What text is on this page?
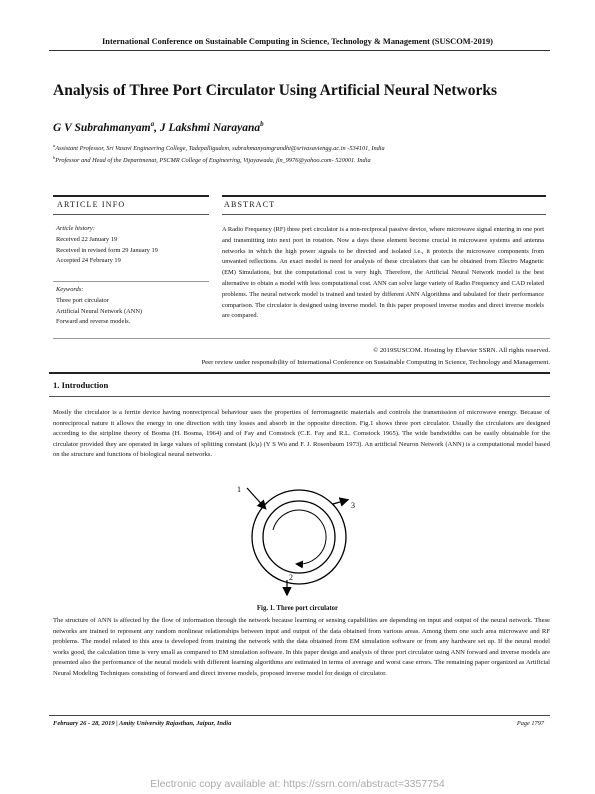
International Conference on Sustainable Computing in Science, Technology & Management (SUSCOM-2019)
Analysis of Three Port Circulator Using Artificial Neural Networks
G V Subrahmanyam$^a$, J Lakshmi Narayana$^b$
$^a$Assistant Professor, Sri Vasavi Engineering College, Tadepalligudem, subrahmanyamgrandhi@srivasaviengg.ac.in -534101, India
$^b$Professor and Head of the Departmenat, PSCMR College of Engineering, Vijayawada, jln_9976@yahoo.com- 520001. India
ARTICLE INFO	ABSTRACT
Article history:
Received 22 January 19
Received in revised form 29 January 19
Accepted 24 February 19
Keywords:
Three port circulator
Artificial Neural Network (ANN)
Forward and reverse models.
A Radio Frequency (RF) three port circulator is a non-reciprocal passive device, where microwave signal entering in one port and transmitting into next port in rotation. Now a days these element become crucial in microwave systems and antenna networks in which the high power signals to be directed and isolated i.e., it protects the microwave components from unwanted reflections. An exact model is need for analysis of these circulators that can be obtained from Electro Magnetic (EM) Simulations, but the computational cost is very high. Therefore, the Artificial Neural Network model is the best alternative to obtain a model with less computational cost. ANN can solve large variety of Radio Frequency and CAD related problems. The neural network model is trained and tested by different ANN Algorithms and tabulated for their performance comparison. The circulator is designed using inverse model. In this paper proposed inverse modes and direct inverse models are compared.
© 2019SUSCOM. Hosting by Elsevier SSRN. All rights reserved.
Peer review under responsibility of International Conference on Sustainable Computing in Science, Technology and Management.
1. Introduction
Mostly the circulator is a ferrite device having nonreciprocal behaviour uses the properties of ferromagnetic materials and controls the transmission of microwave energy. Because of nonreciprocal nature it allows the energy in one direction with tiny losses and absorb in the opposite direction. Fig.1 shows three port circulator. Usually the circulators are designed according to the stripline theory of Bosma (H. Bosma, 1964) and of Fay and Comstock (C.E. Fay and R.L. Comstock 1965). The wide bandwidths can be easily obtainable for the circulator provided they are operated in large values of splitting constant (k/μ) (Y S Wu and F. J. Rosenbaum 1973). An artificial Neuron Network (ANN) is a computational model based on the structure and functions of biological neural networks.
1
3
2
Fig. 1. Three port circulator
The structure of ANN is affected by the flow of information through the network because learning or sensing capabilities are depending on input and output of the neural network. These networks are trained to represent any random nonlinear relationships between input and output of the data obtained from various areas. Among them one such area microwave and RF problems. The model related to this area is developed from training the network with the data obtained from EM simulation software or from any hardware set up. If the neural model works good, the calculation time is very small as compared to EM simulation software. In this paper design and analysis of three port circulator using ANN forward and inverse models are presented also the performance of the neural models with different learning algorithms are estimated in terms of average and worst case errors. The remaining paper organized as Artificial Neural Modeling Techniques consisting of forward and direct inverse models, proposed inverse model for design of circulator.
February 26 - 28, 2019 | Amity University Rajasthan, Jaipur, India	Page 1797
Electronic copy available at: https://ssrn.com/abstract=3357754
